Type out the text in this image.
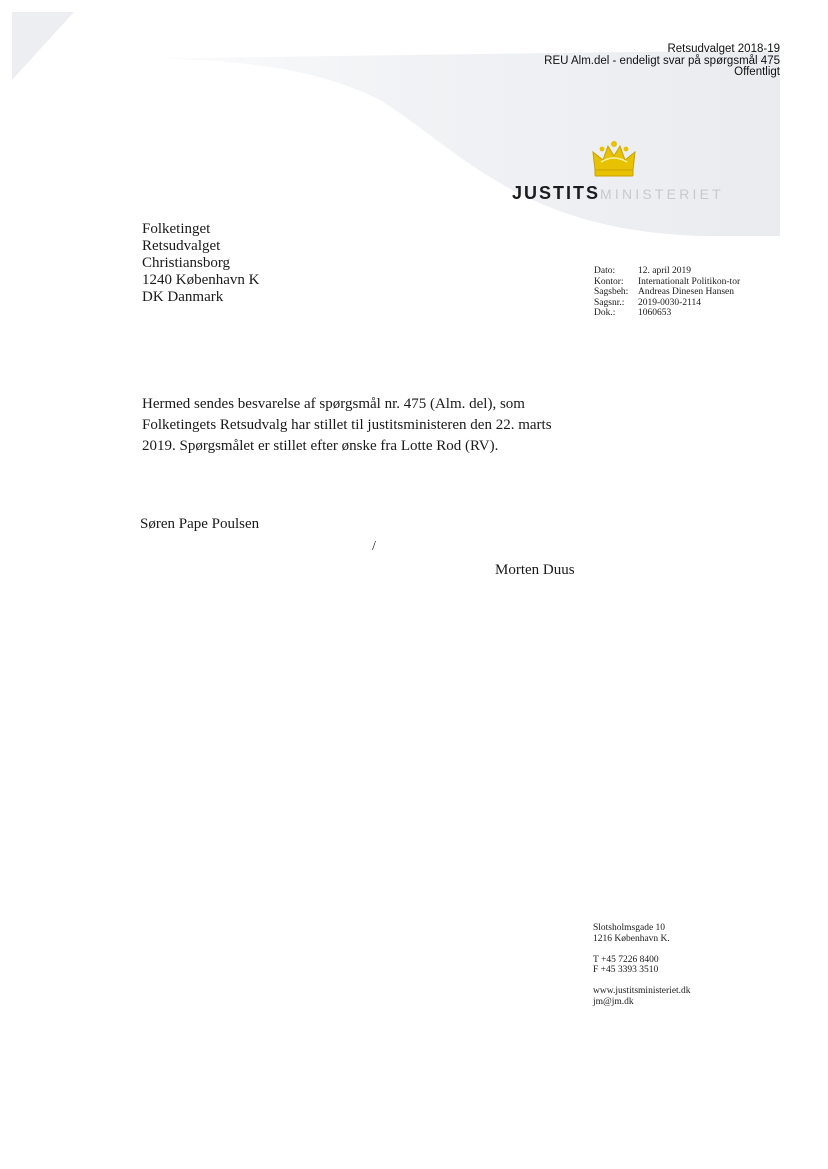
Retsudvalget 2018-19
REU Alm.del - endeligt svar på spørgsmål 475
Offentligt
JUSTITSMINISTERIET
Folketinget
Retsudvalget
Christiansborg
1240 København K
DK Danmark
Dato:	12. april 2019
Kontor:	Internationalt Politikon-tor
Sagsbeh:	Andreas Dinesen Hansen
Sagsnr.:	2019-0030-2114
Dok.:	1060653
Hermed sendes besvarelse af spørgsmål nr. 475 (Alm. del), som Folketingets Retsudvalg har stillet til justitsministeren den 22. marts 2019. Spørgsmålet er stillet efter ønske fra Lotte Rod (RV).
Søren Pape Poulsen
/
Morten Duus
Slotsholmsgade 10
1216 København K.
T +45 7226 8400
F +45 3393 3510
www.justitsministeriet.dk
jm@jm.dk
